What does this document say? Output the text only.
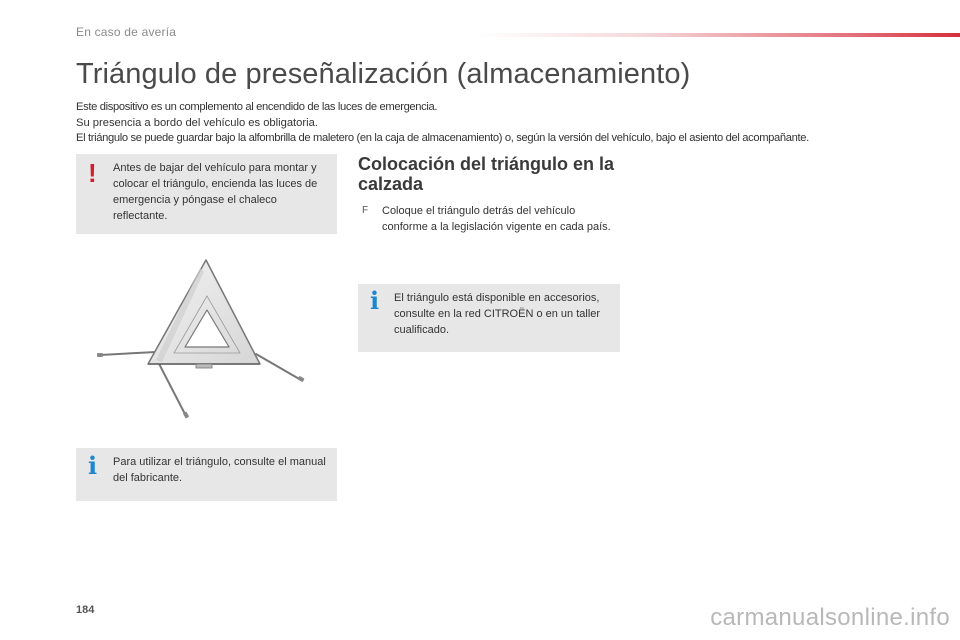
En caso de avería
Triángulo de preseñalización (almacenamiento)

Este dispositivo es un complemento al encendido de las luces de emergencia.

Su presencia a bordo del vehículo es obligatoria.

El triángulo se puede guardar bajo la alfombrilla de maletero (en la caja de almacenamiento) o, según la versión del vehículo, bajo el asiento del acompañante.

! Antes de bajar del vehículo para montar y colocar el triángulo, encienda las luces de emergencia y póngase el chaleco reflectante.
i Para utilizar el triángulo, consulte el manual del fabricante.
Colocación del triángulo en la calzada
F	Coloque el triángulo detrás del vehículo conforme a la legislación vigente en cada país.
i El triángulo está disponible en accesorios, consulte en la red CITROËN o en un taller cualificado.
184	carmanualsonline.info
